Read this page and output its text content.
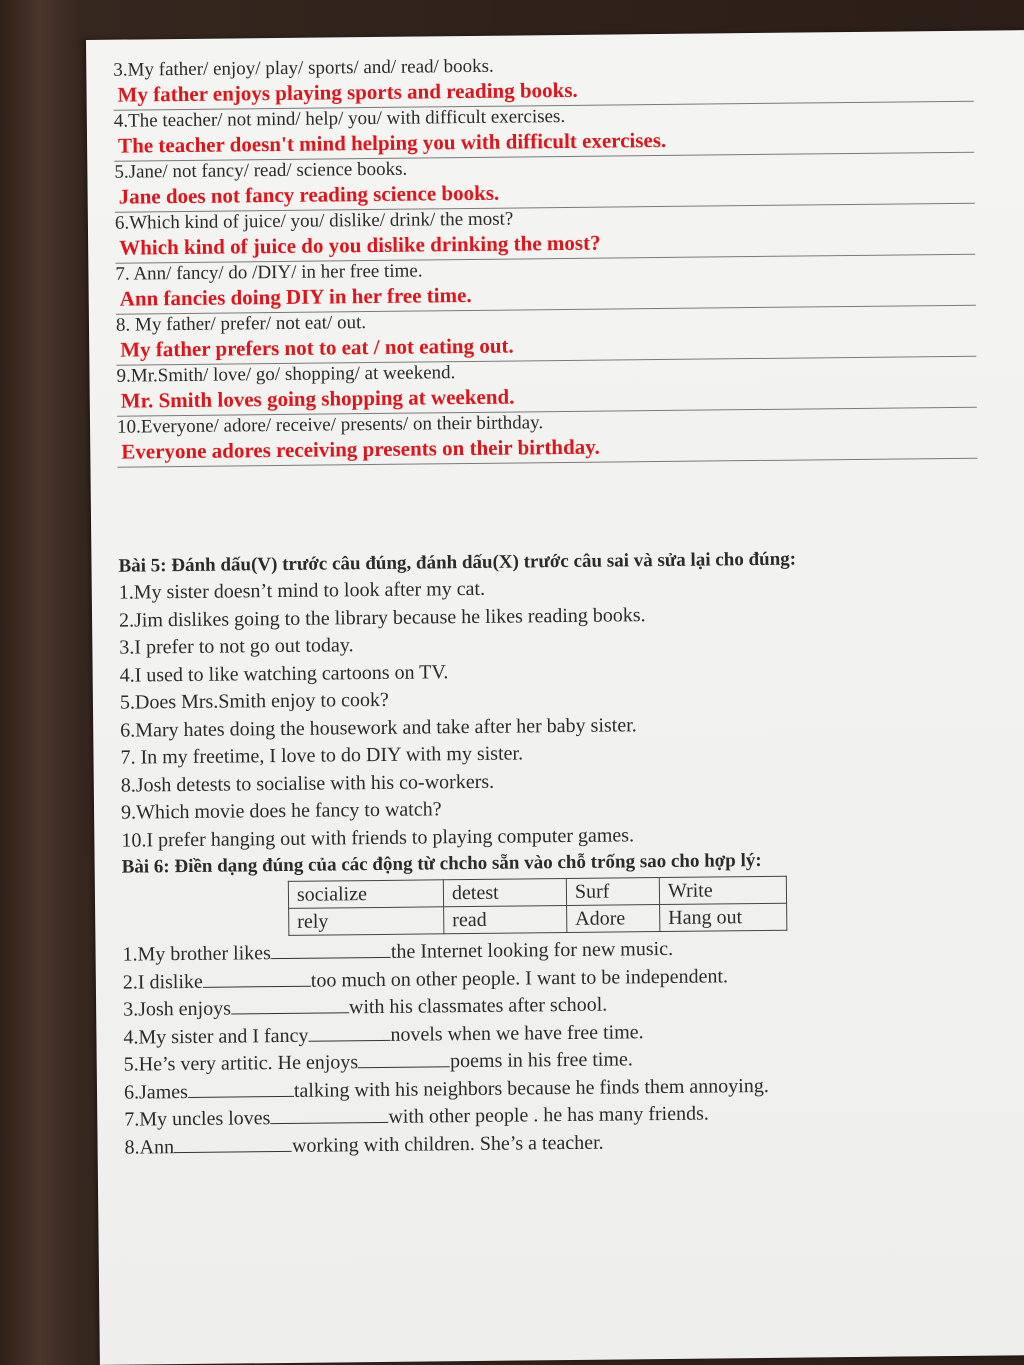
3.My father/ enjoy/ play/ sports/ and/ read/ books.
My father enjoys playing sports and reading books.
4.The teacher/ not mind/ help/ you/ with difficult exercises.
The teacher doesn't mind helping you with difficult exercises.
5.Jane/ not fancy/ read/ science books.
Jane does not fancy reading science books.
6.Which kind of juice/ you/ dislike/ drink/ the most?
Which kind of juice do you dislike drinking the most?
7. Ann/ fancy/ do /DIY/ in her free time.
Ann fancies doing DIY in her free time.
8. My father/ prefer/ not eat/ out.
My father prefers not to eat / not eating out.
9.Mr.Smith/ love/ go/ shopping/ at weekend.
Mr. Smith loves going shopping at weekend.
10.Everyone/ adore/ receive/ presents/ on their birthday.
Everyone adores receiving presents on their birthday.
Bài 5: Đánh dấu(V) trước câu đúng, đánh dấu(X) trước câu sai và sửa lại cho đúng:
1.My sister doesn’t mind to look after my cat.
2.Jim dislikes going to the library because he likes reading books.
3.I prefer to not go out today.
4.I used to like watching cartoons on TV.
5.Does Mrs.Smith enjoy to cook?
6.Mary hates doing the housework and take after her baby sister.
7. In my freetime, I love to do DIY with my sister.
8.Josh detests to socialise with his co-workers.
9.Which movie does he fancy to watch?
10.I prefer hanging out with friends to playing computer games.
Bài 6: Điền dạng đúng của các động từ chcho sẵn vào chỗ trống sao cho hợp lý:
socialize	detest	Surf	Write
rely	read	Adore	Hang out
1.My brother likes	the Internet looking for new music.
2.I dislike	too much on other people. I want to be independent.
3.Josh enjoys	with his classmates after school.
4.My sister and I fancy	novels when we have free time.
5.He’s very artitic. He enjoys	poems in his free time.
6.James	talking with his neighbors because he finds them annoying.
7.My uncles loves	with other people . he has many friends.
8.Ann	working with children. She’s a teacher.
